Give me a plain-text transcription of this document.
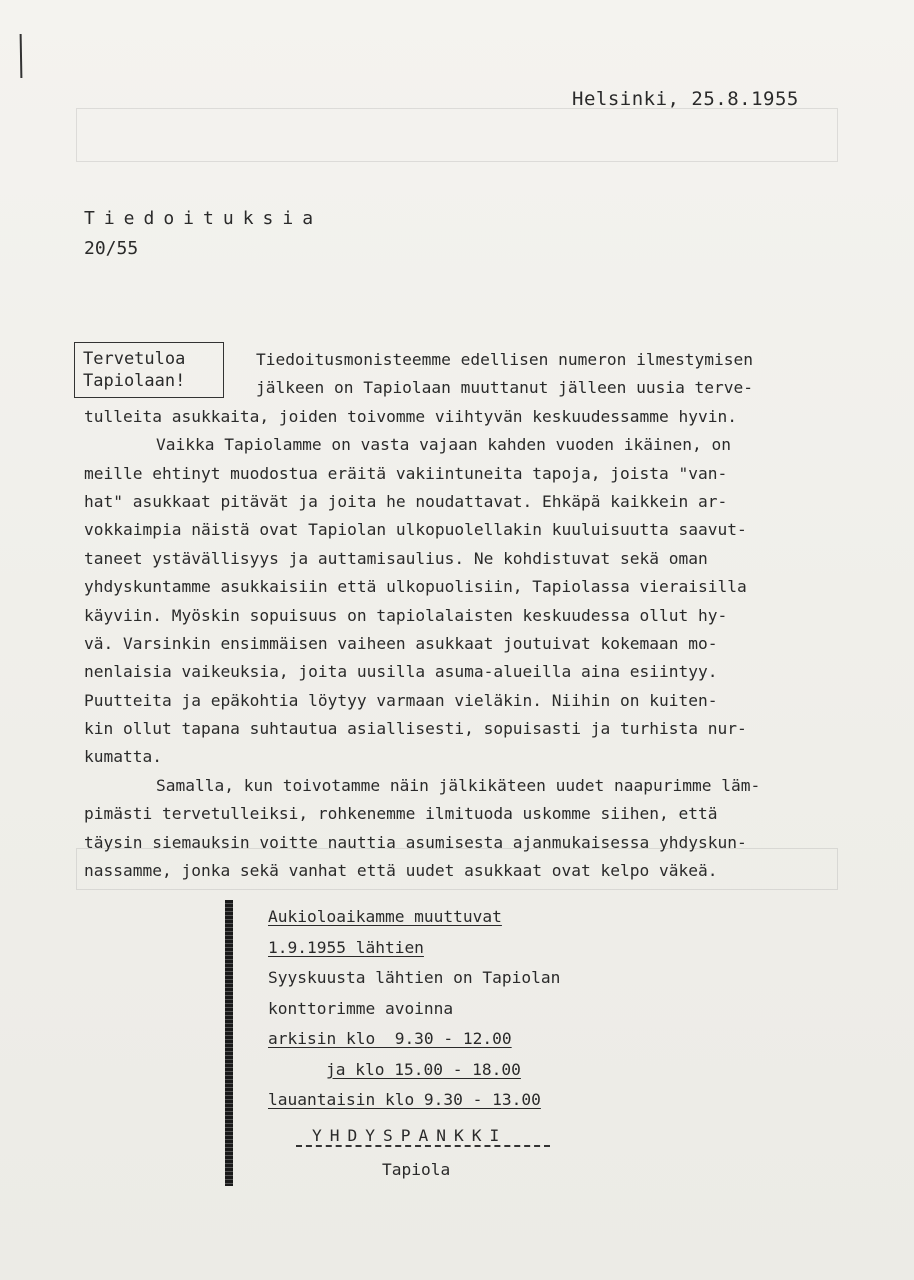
Helsinki, 25.8.1955
Tiedoituksia
20/55
Tervetuloa
Tapiolaan!
Tiedoitusmonisteemme edellisen numeron ilmestymisen
jälkeen on Tapiolaan muuttanut jälleen uusia terve-
tulleita asukkaita, joiden toivomme viihtyvän keskuudessamme hyvin.
Vaikka Tapiolamme on vasta vajaan kahden vuoden ikäinen, on
meille ehtinyt muodostua eräitä vakiintuneita tapoja, joista "van-
hat" asukkaat pitävät ja joita he noudattavat. Ehkäpä kaikkein ar-
vokkaimpia näistä ovat Tapiolan ulkopuolellakin kuuluisuutta saavut-
taneet ystävällisyys ja auttamisaulius. Ne kohdistuvat sekä oman
yhdyskuntamme asukkaisiin että ulkopuolisiin, Tapiolassa vieraisilla
käyviin. Myöskin sopuisuus on tapiolalaisten keskuudessa ollut hy-
vä. Varsinkin ensimmäisen vaiheen asukkaat joutuivat kokemaan mo-
nenlaisia vaikeuksia, joita uusilla asuma-alueilla aina esiintyy.
Puutteita ja epäkohtia löytyy varmaan vieläkin. Niihin on kuiten-
kin ollut tapana suhtautua asiallisesti, sopuisasti ja turhista nur-
kumatta.
Samalla, kun toivotamme näin jälkikäteen uudet naapurimme läm-
pimästi tervetulleiksi, rohkenemme ilmituoda uskomme siihen, että
täysin siemauksin voitte nauttia asumisesta ajanmukaisessa yhdyskun-
nassamme, jonka sekä vanhat että uudet asukkaat ovat kelpo väkeä.
Aukioloaikamme muuttuvat
1.9.1955 lähtien
Syyskuusta lähtien on Tapiolan
konttorimme avoinna
arkisin klo  9.30 - 12.00
ja klo 15.00 - 18.00
lauantaisin klo 9.30 - 13.00
YHDYSPANKKI
Tapiola
